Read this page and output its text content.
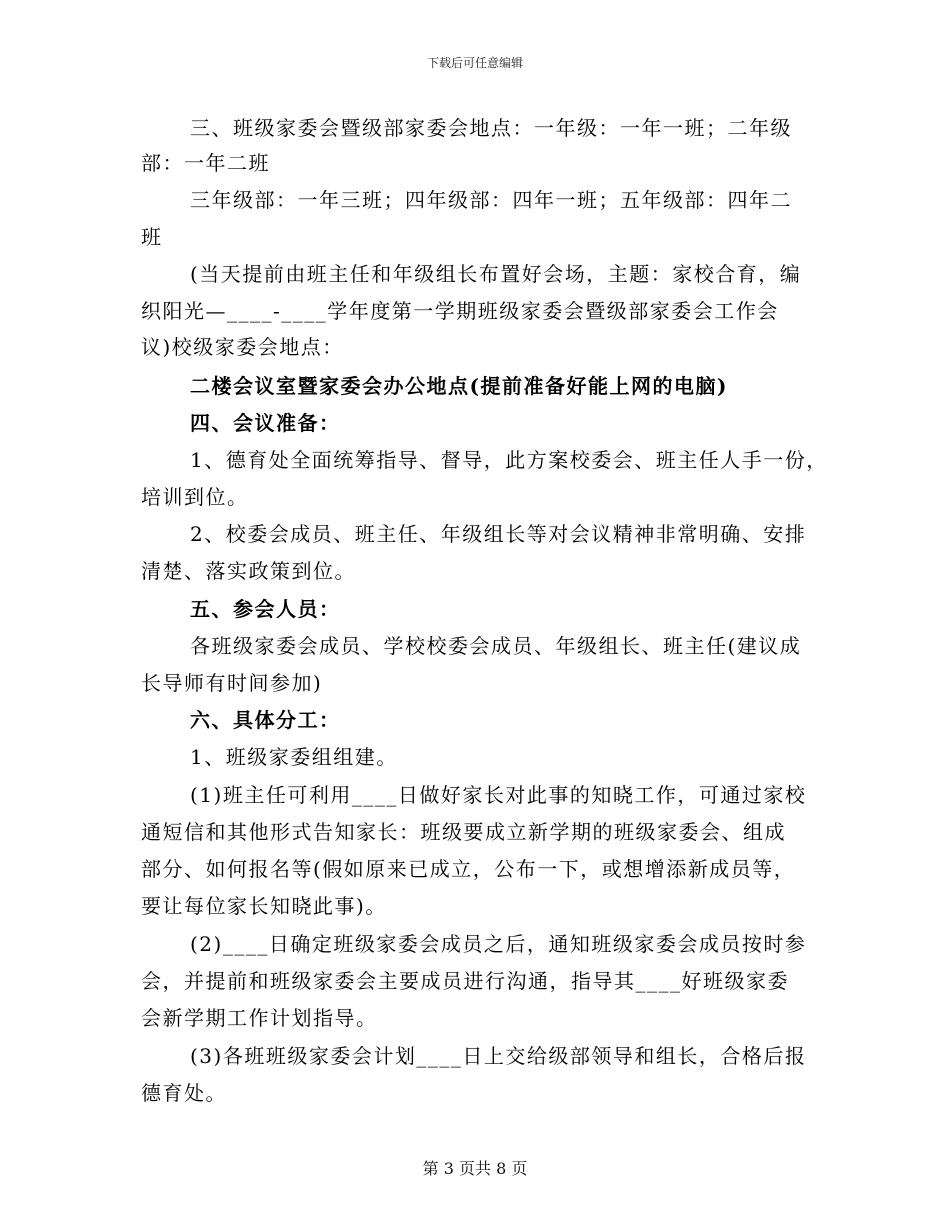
下载后可任意编辑
三、班级家委会暨级部家委会地点：一年级：一年一班；二年级
部：一年二班
三年级部：一年三班；四年级部：四年一班；五年级部：四年二
班
(当天提前由班主任和年级组长布置好会场，主题：家校合育，编
织阳光—____-____学年度第一学期班级家委会暨级部家委会工作会
议)校级家委会地点：
二楼会议室暨家委会办公地点(提前准备好能上网的电脑)
四、会议准备：
1、德育处全面统筹指导、督导，此方案校委会、班主任人手一份，
培训到位。
2、校委会成员、班主任、年级组长等对会议精神非常明确、安排
清楚、落实政策到位。
五、参会人员：
各班级家委会成员、学校校委会成员、年级组长、班主任(建议成
长导师有时间参加)
六、具体分工：
1、班级家委组组建。
(1)班主任可利用____日做好家长对此事的知晓工作，可通过家校
通短信和其他形式告知家长：班级要成立新学期的班级家委会、组成
部分、如何报名等(假如原来已成立，公布一下，或想增添新成员等，
要让每位家长知晓此事)。
(2)____日确定班级家委会成员之后，通知班级家委会成员按时参
会，并提前和班级家委会主要成员进行沟通，指导其____好班级家委
会新学期工作计划指导。
(3)各班班级家委会计划____日上交给级部领导和组长，合格后报
德育处。
第 3 页共 8 页
